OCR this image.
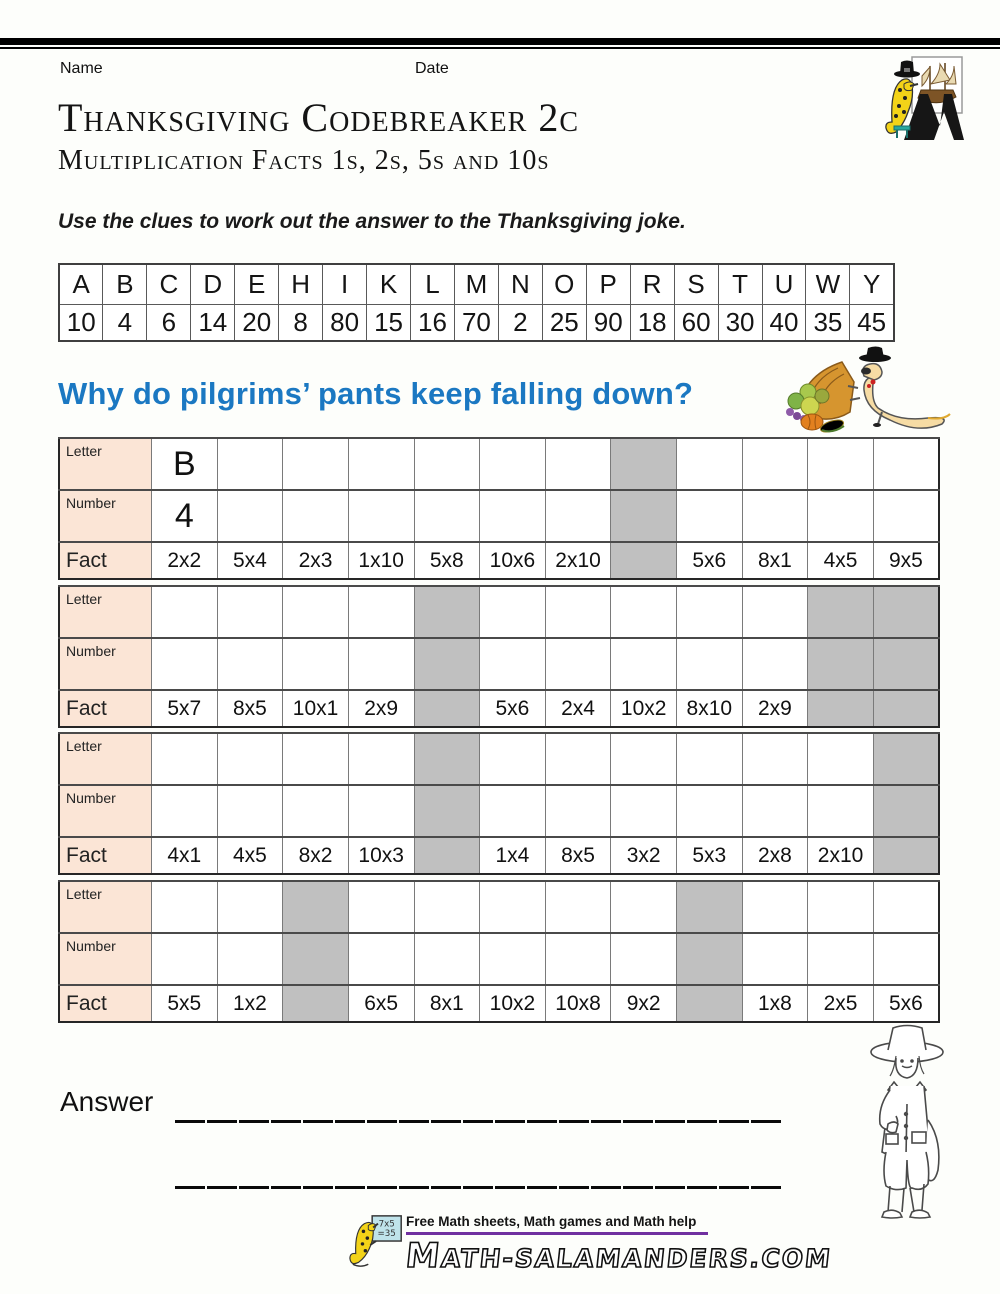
Name	Date
Thanksgiving Codebreaker 2c
Multiplication Facts 1s, 2s, 5s and 10s

Use the clues to work out the answer to the Thanksgiving joke.

A	B	C	D	E	H	I	K	L	M	N	O	P	R	S	T	U	W	Y
10	4	6	14	20	8	80	15	16	70	2	25	90	18	60	30	40	35	45
Why do pilgrims’ pants keep falling down?
Letter	B											
Number	4											
Fact	2x2	5x4	2x3	1x10	5x8	10x6	2x10		5x6	8x1	4x5	9x5
Letter												
Number												
Fact	5x7	8x5	10x1	2x9		5x6	2x4	10x2	8x10	2x9		
Letter												
Number												
Fact	4x1	4x5	8x2	10x3		1x4	8x5	3x2	5x3	2x8	2x10	
Letter												
Number												
Fact	5x5	1x2		6x5	8x1	10x2	10x8	9x2		1x8	2x5	5x6
Answer
7x5
=35
Free Math sheets, Math games and Math help
MATH-SALAMANDERS.COM
